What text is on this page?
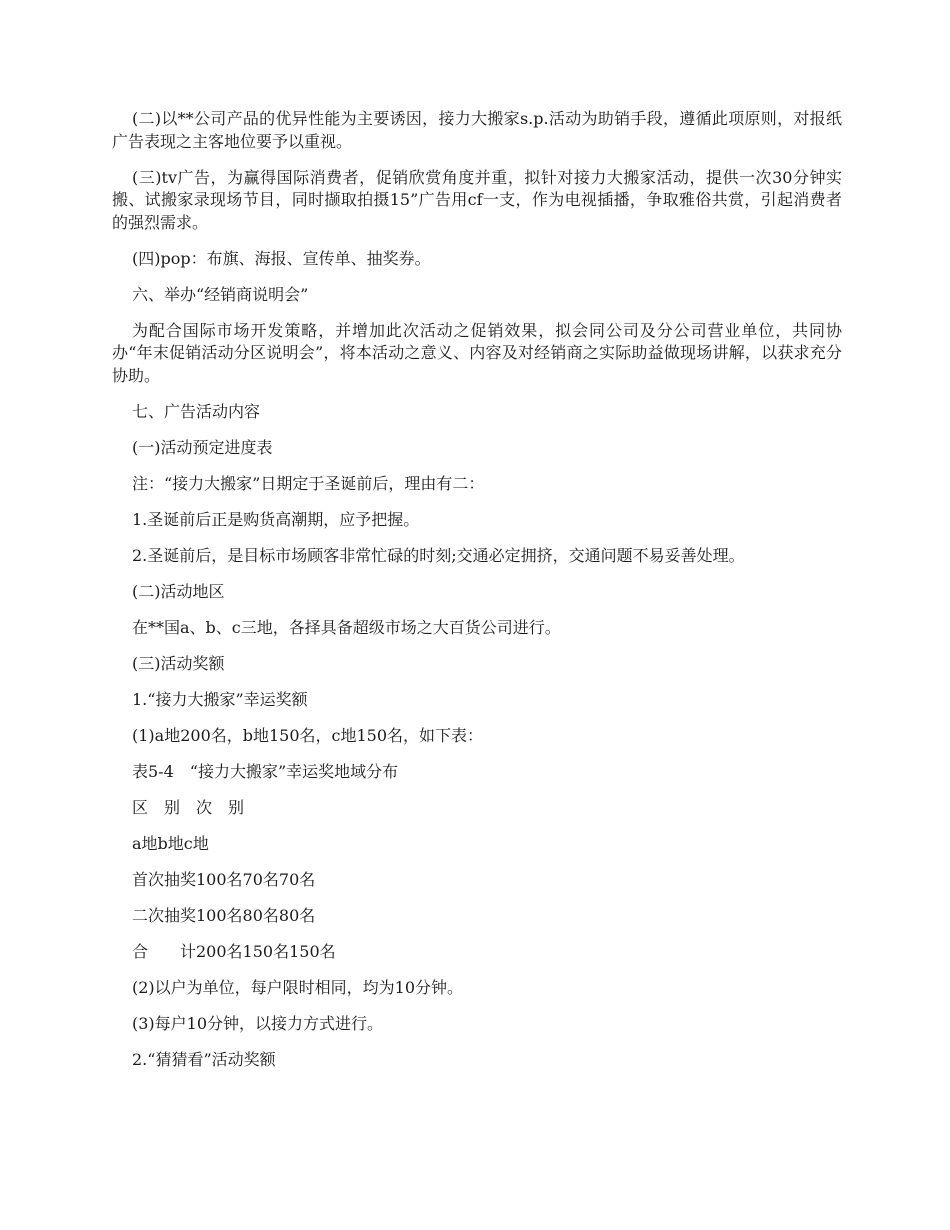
(二)以**公司产品的优异性能为主要诱因，接力大搬家s.p.活动为助销手段，遵循此项原则，对报纸广告表现之主客地位要予以重视。

(三)tv广告，为赢得国际消费者，促销欣赏角度并重，拟针对接力大搬家活动，提供一次30分钟实搬、试搬家录现场节目，同时撷取拍摄15”广告用cf一支，作为电视插播，争取雅俗共赏，引起消费者的强烈需求。

(四)pop：布旗、海报、宣传单、抽奖券。

六、举办“经销商说明会”

为配合国际市场开发策略，并增加此次活动之促销效果，拟会同公司及分公司营业单位，共同协办“年末促销活动分区说明会”，将本活动之意义、内容及对经销商之实际助益做现场讲解，以获求充分协助。

七、广告活动内容

(一)活动预定进度表

注：“接力大搬家”日期定于圣诞前后，理由有二：

1.圣诞前后正是购货高潮期，应予把握。

2.圣诞前后，是目标市场顾客非常忙碌的时刻;交通必定拥挤，交通问题不易妥善处理。

(二)活动地区

在**国a、b、c三地，各择具备超级市场之大百货公司进行。

(三)活动奖额

1.“接力大搬家”幸运奖额

(1)a地200名，b地150名，c地150名，如下表：

表5-4　“接力大搬家”幸运奖地域分布

区　别　次　别

a地b地c地

首次抽奖100名70名70名

二次抽奖100名80名80名

合　　计200名150名150名

(2)以户为单位，每户限时相同，均为10分钟。

(3)每户10分钟，以接力方式进行。

2.“猜猜看”活动奖额
